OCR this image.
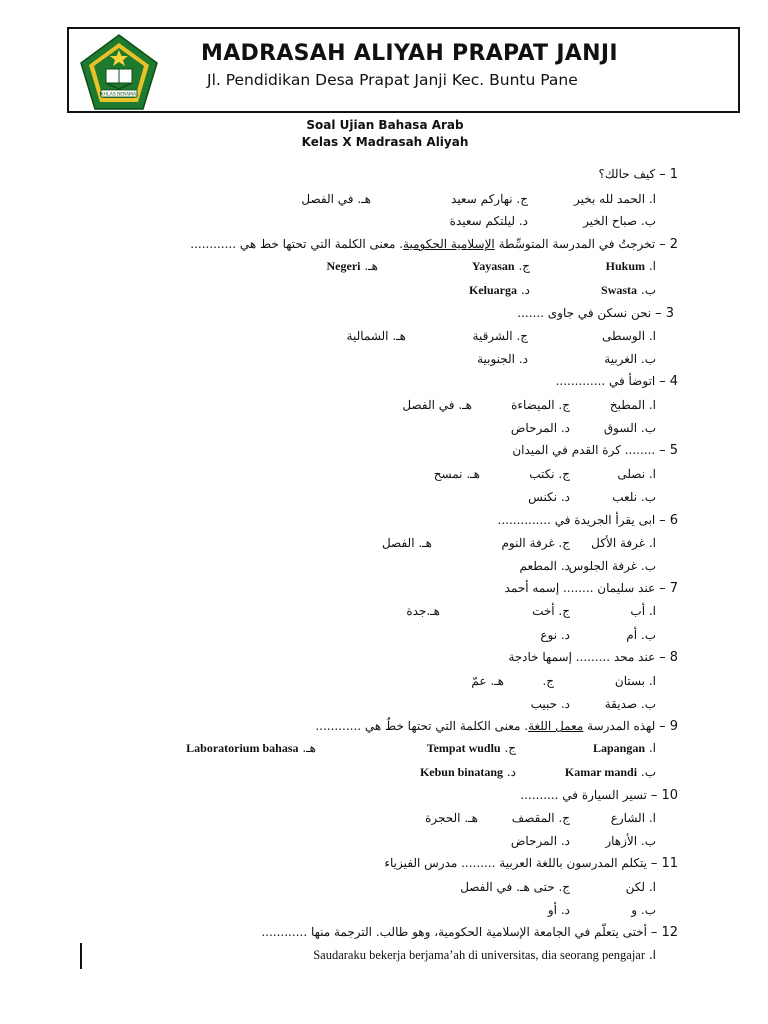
IKHLAS BERAMAL
MADRASAH ALIYAH PRAPAT JANJI
Jl. Pendidikan Desa Prapat Janji Kec. Buntu Pane
Soal Ujian Bahasa Arab
Kelas X Madrasah Aliyah
1 – كيف حالك؟
ا. الحمد لله بخير
ج. نهاركم سعيد
هـ. في الفصل
ب. صباح الخير
د. ليلتكم سعيدة
2 – تخرجتُ في المدرسة المتوسِّطة الإسلامية الحكومية. معنى الكلمة التي تحتها خط هي ............
ا. Hukum
ج. Yayasan
هـ. Negeri
ب. Swasta
د. Keluarga
3 – نحن نسكن في جاوى .......
ا. الوسطى
ج. الشرقية
هـ. الشمالية
ب. الغربية
د. الجنوبية
4 – اتوضأ في .............
ا. المطبخ
ج. الميضاءة
هـ. في الفصل
ب. السوق
د. المرحاض
5 – ........ كرة القدم في الميدان
ا. نصلى
ج. نكتب
هـ. نمسح
ب. نلعب
د. نكنس
6 – ابى يقرأ الجريدة في ..............
ا. غرفة الأكل
ج. غرفة النوم
هـ. الفصل
ب. غرفة الجلوس
د. المطعم
7 – عند سليمان ........ إسمه أحمد
ا. أب
ج. أخت
هـ.جدة
ب. أم
د. نوع
8 – عند محد ......... إسمها خادجة
ا. بستان
ج.
هـ. عمّ
ب. صديقة
د. حبيب
9 – لهذه المدرسة معمل اللغة. معنى الكلمة التي تحتها خطٌ هي ............
ا. Lapangan
ج. Tempat wudlu
هـ. Laboratorium bahasa
ب. Kamar mandi
د. Kebun binatang
10 – تسير السيارة في ..........
ا. الشارع
ج. المقصف
هـ. الحجرة
ب. الأزهار
د. المرحاض
11 – يتكلم المدرسون باللغة العربية ......... مدرس الفيزياء
ا. لكن
ج. حتى هـ. في الفصل
ب. و
د. أو
12 – أختى يتعلّم في الجامعة الإسلامية الحكومية، وهو طالب. الترجمة منها ............
ا. Saudaraku bekerja berjama’ah di universitas, dia seorang pengajar
